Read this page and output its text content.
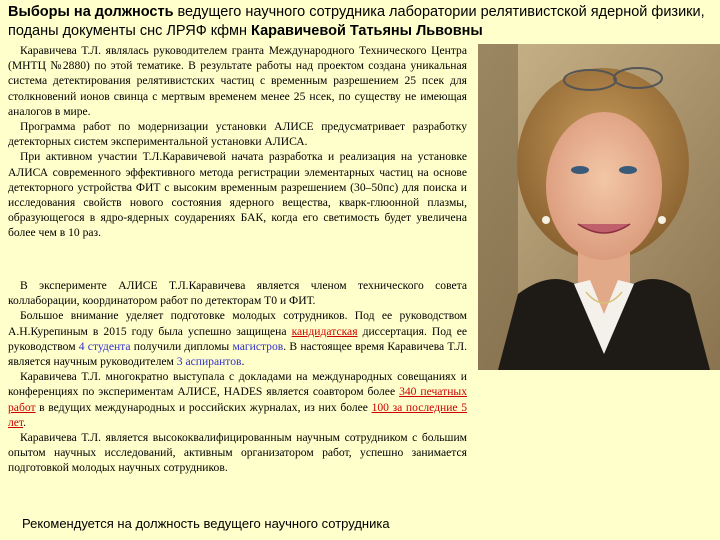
Выборы на должность ведущего научного сотрудника лаборатории релятивистской ядерной физики, поданы документы снс ЛРЯФ кфмн Каравичевой Татьяны Львовны

Каравичева Т.Л. являлась руководителем гранта Международного Технического Центра (МНТЦ №2880) по этой тематике. В результате работы над проектом создана уникальная система детектирования релятивистских частиц с временным разрешением 25 псек для столкновений ионов свинца с мертвым временем менее 25 нсек, по существу не имеющая аналогов в мире.

Программа работ по модернизации установки АЛИСЕ предусматривает разработку детекторных систем экспериментальной установки АЛИСА.

При активном участии Т.Л.Каравичевой начата разработка и реализация на установке АЛИСА современного эффективного метода регистрации элементарных частиц на основе детекторного устройства ФИТ с высоким временным разрешением (30–50пс) для поиска и исследования свойств нового состояния ядерного вещества, кварк-глюонной плазмы, образующегося в ядро-ядерных соударениях БАК, когда его светимость будет увеличена более чем в 10 раз.

В эксперименте АЛИСЕ Т.Л.Каравичева является членом технического совета коллаборации, координатором работ по детекторам Т0 и ФИТ.

Большое внимание уделяет подготовке молодых сотрудников. Под ее руководством А.Н.Курепиным в 2015 году была успешно защищена кандидатская диссертация. Под ее руководством 4 студента получили дипломы магистров. В настоящее время Каравичева Т.Л. является научным руководителем 3 аспирантов.

Каравичева Т.Л. многократно выступала с докладами на международных совещаниях и конференциях по экспериментам АЛИСЕ, HADES является соавтором более 340 печатных работ в ведущих международных и российских журналах, из них более 100 за последние 5 лет.

Каравичева Т.Л. является высококвалифицированным научным сотрудником с большим опытом научных исследований, активным организатором работ, успешно занимается подготовкой молодых научных сотрудников.

Рекомендуется на должность ведущего научного сотрудника
